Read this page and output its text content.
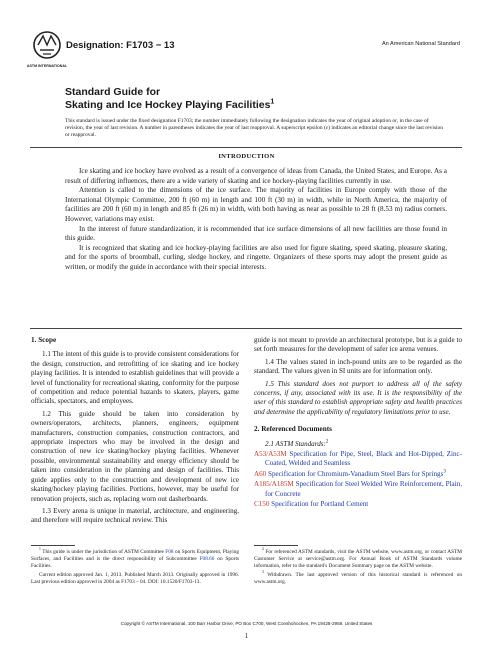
ASTM INTERNATIONAL
Designation: F1703 − 13	An American National Standard
Standard Guide for
Skating and Ice Hockey Playing Facilities$^1$
This standard is issued under the fixed designation F1703; the number immediately following the designation indicates the year of original adoption or, in the case of revision, the year of last revision. A number in parentheses indicates the year of last reapproval. A superscript epsilon (ε) indicates an editorial change since the last revision or reapproval.
INTRODUCTION

Ice skating and ice hockey have evolved as a result of a convergence of ideas from Canada, the United States, and Europe. As a result of differing influences, there are a wide variety of skating and ice hockey-playing facilities currently in use.

Attention is called to the dimensions of the ice surface. The majority of facilities in Europe comply with those of the International Olympic Committee, 200 ft (60 m) in length and 100 ft (30 m) in width, while in North America, the majority of facilities are 200 ft (60 m) in length and 85 ft (26 m) in width, with both having as near as possible to 28 ft (8.53 m) radius corners. However, variations may exist.

In the interest of future standardization, it is recommended that ice surface dimensions of all new facilities are those found in this guide.

It is recognized that skating and ice hockey-playing facilities are also used for figure skating, speed skating, pleasure skating, and for the sports of broomball, curling, sledge hockey, and ringette. Organizers of these sports may adopt the present guide as written, or modify the guide in accordance with their special interests.

1. Scope

1.1 The intent of this guide is to provide consistent considerations for the design, construction, and retrofitting of ice skating and ice hockey playing facilities. It is intended to establish guidelines that will provide a level of functionality for recreational skating, conformity for the purpose of competition and reduce potential hazards to skaters, players, game officials, spectators, and employees.

1.2 This guide should be taken into consideration by owners/operators, architects, planners, engineers, equipment manufacturers, construction companies, construction contractors, and appropriate inspectors who may be involved in the design and construction of new ice skating/hockey playing facilities. Whenever possible, environmental sustainability and energy efficiency should be taken into consideration in the planning and design of facilities. This guide applies only to the construction and development of new ice skating/hockey playing facilities. Portions, however, may be useful for renovation projects, such as, replacing worn out dasherboards.

1.3 Every arena is unique in material, architecture, and engineering, and therefore will require technical review. This

guide is not meant to provide an architectural prototype, but is a guide to set forth measures for the development of safer ice arena venues.

1.4 The values stated in inch-pound units are to be regarded as the standard. The values given in SI units are for information only.

1.5 This standard does not purport to address all of the safety concerns, if any, associated with its use. It is the responsibility of the user of this standard to establish appropriate safety and health practices and determine the applicability of regulatory limitations prior to use.

2. Referenced Documents

2.1 ASTM Standards:$^2$

A53/A53M Specification for Pipe, Steel, Black and Hot-Dipped, Zinc-Coated, Welded and Seamless
A60 Specification for Chromium-Vanadium Steel Bars for Springs$^3$
A185/A185M Specification for Steel Welded Wire Reinforcement, Plain, for Concrete
C150 Specification for Portland Cement

$^1$ This guide is under the jurisdiction of ASTM Committee F08 on Sports Equipment, Playing Surfaces, and Facilities and is the direct responsibility of Subcommittee F08.66 on Sports Facilities.

Current edition approved Jan. 1, 2013. Published March 2013. Originally approved in 1996. Last previous edition approved in 2004 as F1703 – 04. DOI: 10.1520/F1703-13.

$^2$ For referenced ASTM standards, visit the ASTM website, www.astm.org, or contact ASTM Customer Service at service@astm.org. For Annual Book of ASTM Standards volume information, refer to the standard's Document Summary page on the ASTM website.

$^3$ Withdrawn. The last approved version of this historical standard is referenced on www.astm.org.

Copyright © ASTM International, 100 Barr Harbor Drive, PO Box C700, West Conshohocken, PA 19428-2959. United States
1
